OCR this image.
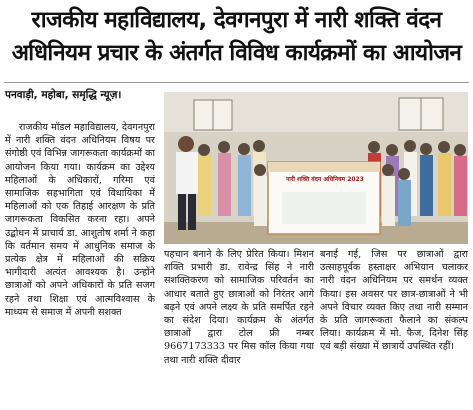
राजकीय महाविद्यालय, देवगनपुरा में नारी शक्ति वंदन
अधिनियम प्रचार के अंतर्गत विविध कार्यक्रमों का आयोजन
पनवाड़ी, महोबा, समृद्धि न्यूज़।

राजकीय मॉडल महाविद्यालय, देवगनपुरा में नारी शक्ति वंदन अधिनियम विषय पर संगोष्ठी एवं विभिन्न जागरूकता कार्यक्रमों का आयोजन किया गया। कार्यक्रम का उद्देश्य महिलाओं के अधिकारों, गरिमा एवं सामाजिक सहभागिता एवं विधायिका में महिलाओं को एक तिहाई आरक्षण के प्रति जागरूकता विकसित करना रहा। अपने उद्बोधन में प्राचार्य डा. आशुतोष शर्मा ने कहा कि वर्तमान समय में आधुनिक समाज के प्रत्येक क्षेत्र में महिलाओं की सक्रिय भागीदारी अत्यंत आवश्यक है। उन्होंने छात्राओं को अपने अधिकारों के प्रति सजग रहने तथा शिक्षा एवं आत्मविश्वास के माध्यम से समाज में अपनी सशक्त

नारी शक्ति वंदन अधिनियम 2023

पहचान बनाने के लिए प्रेरित किया। मिशन शक्ति प्रभारी डा. रावेन्द्र सिंह ने नारी सशक्तिकरण को सामाजिक परिवर्तन का आधार बताते हुए छात्राओं को निरंतर आगे बढ़ने एवं अपने लक्ष्य के प्रति समर्पित रहने का संदेश दिया। कार्यक्रम के अंतर्गत छात्राओं द्वारा टोल फ्री नम्बर 9667173333 पर मिस कॉल किया गया तथा नारी शक्ति दीवार

बनाई गई, जिस पर छात्राओं द्वारा उत्साहपूर्वक हस्ताक्षर अभियान चलाकर नारी वंदन अधिनियम पर समर्थन व्यक्त किया। इस अवसर पर छात्र-छात्राओं ने भी अपने विचार व्यक्त किए तथा नारी सम्मान के प्रति जागरूकता फैलाने का संकल्प लिया। कार्यक्रम में मो. फैज, दिनेश सिंह एवं बड़ी संख्या में छात्रायें उपस्थित रहीं।
